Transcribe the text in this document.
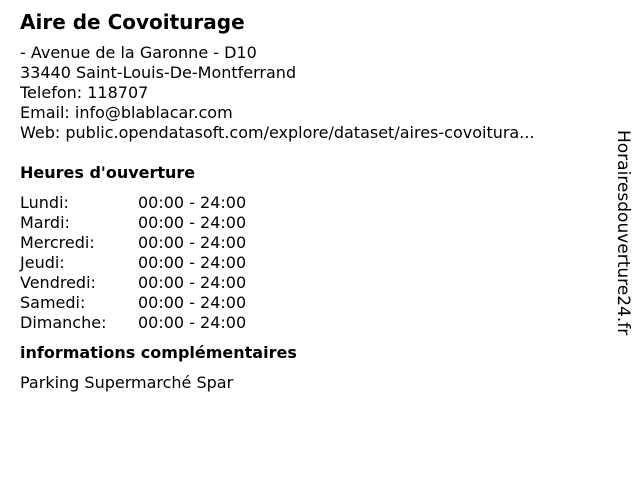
Aire de Covoiturage
- Avenue de la Garonne - D10
33440 Saint-Louis-De-Montferrand
Telefon: 118707
Email: info@blablacar.com
Web: public.opendatasoft.com/explore/dataset/aires-covoitura...
Heures d'ouverture
Lundi:	00:00 - 24:00
Mardi:	00:00 - 24:00
Mercredi:	00:00 - 24:00
Jeudi:	00:00 - 24:00
Vendredi:	00:00 - 24:00
Samedi:	00:00 - 24:00
Dimanche:	00:00 - 24:00
informations complémentaires
Parking Supermarché Spar
Horairesdouverture24.fr
